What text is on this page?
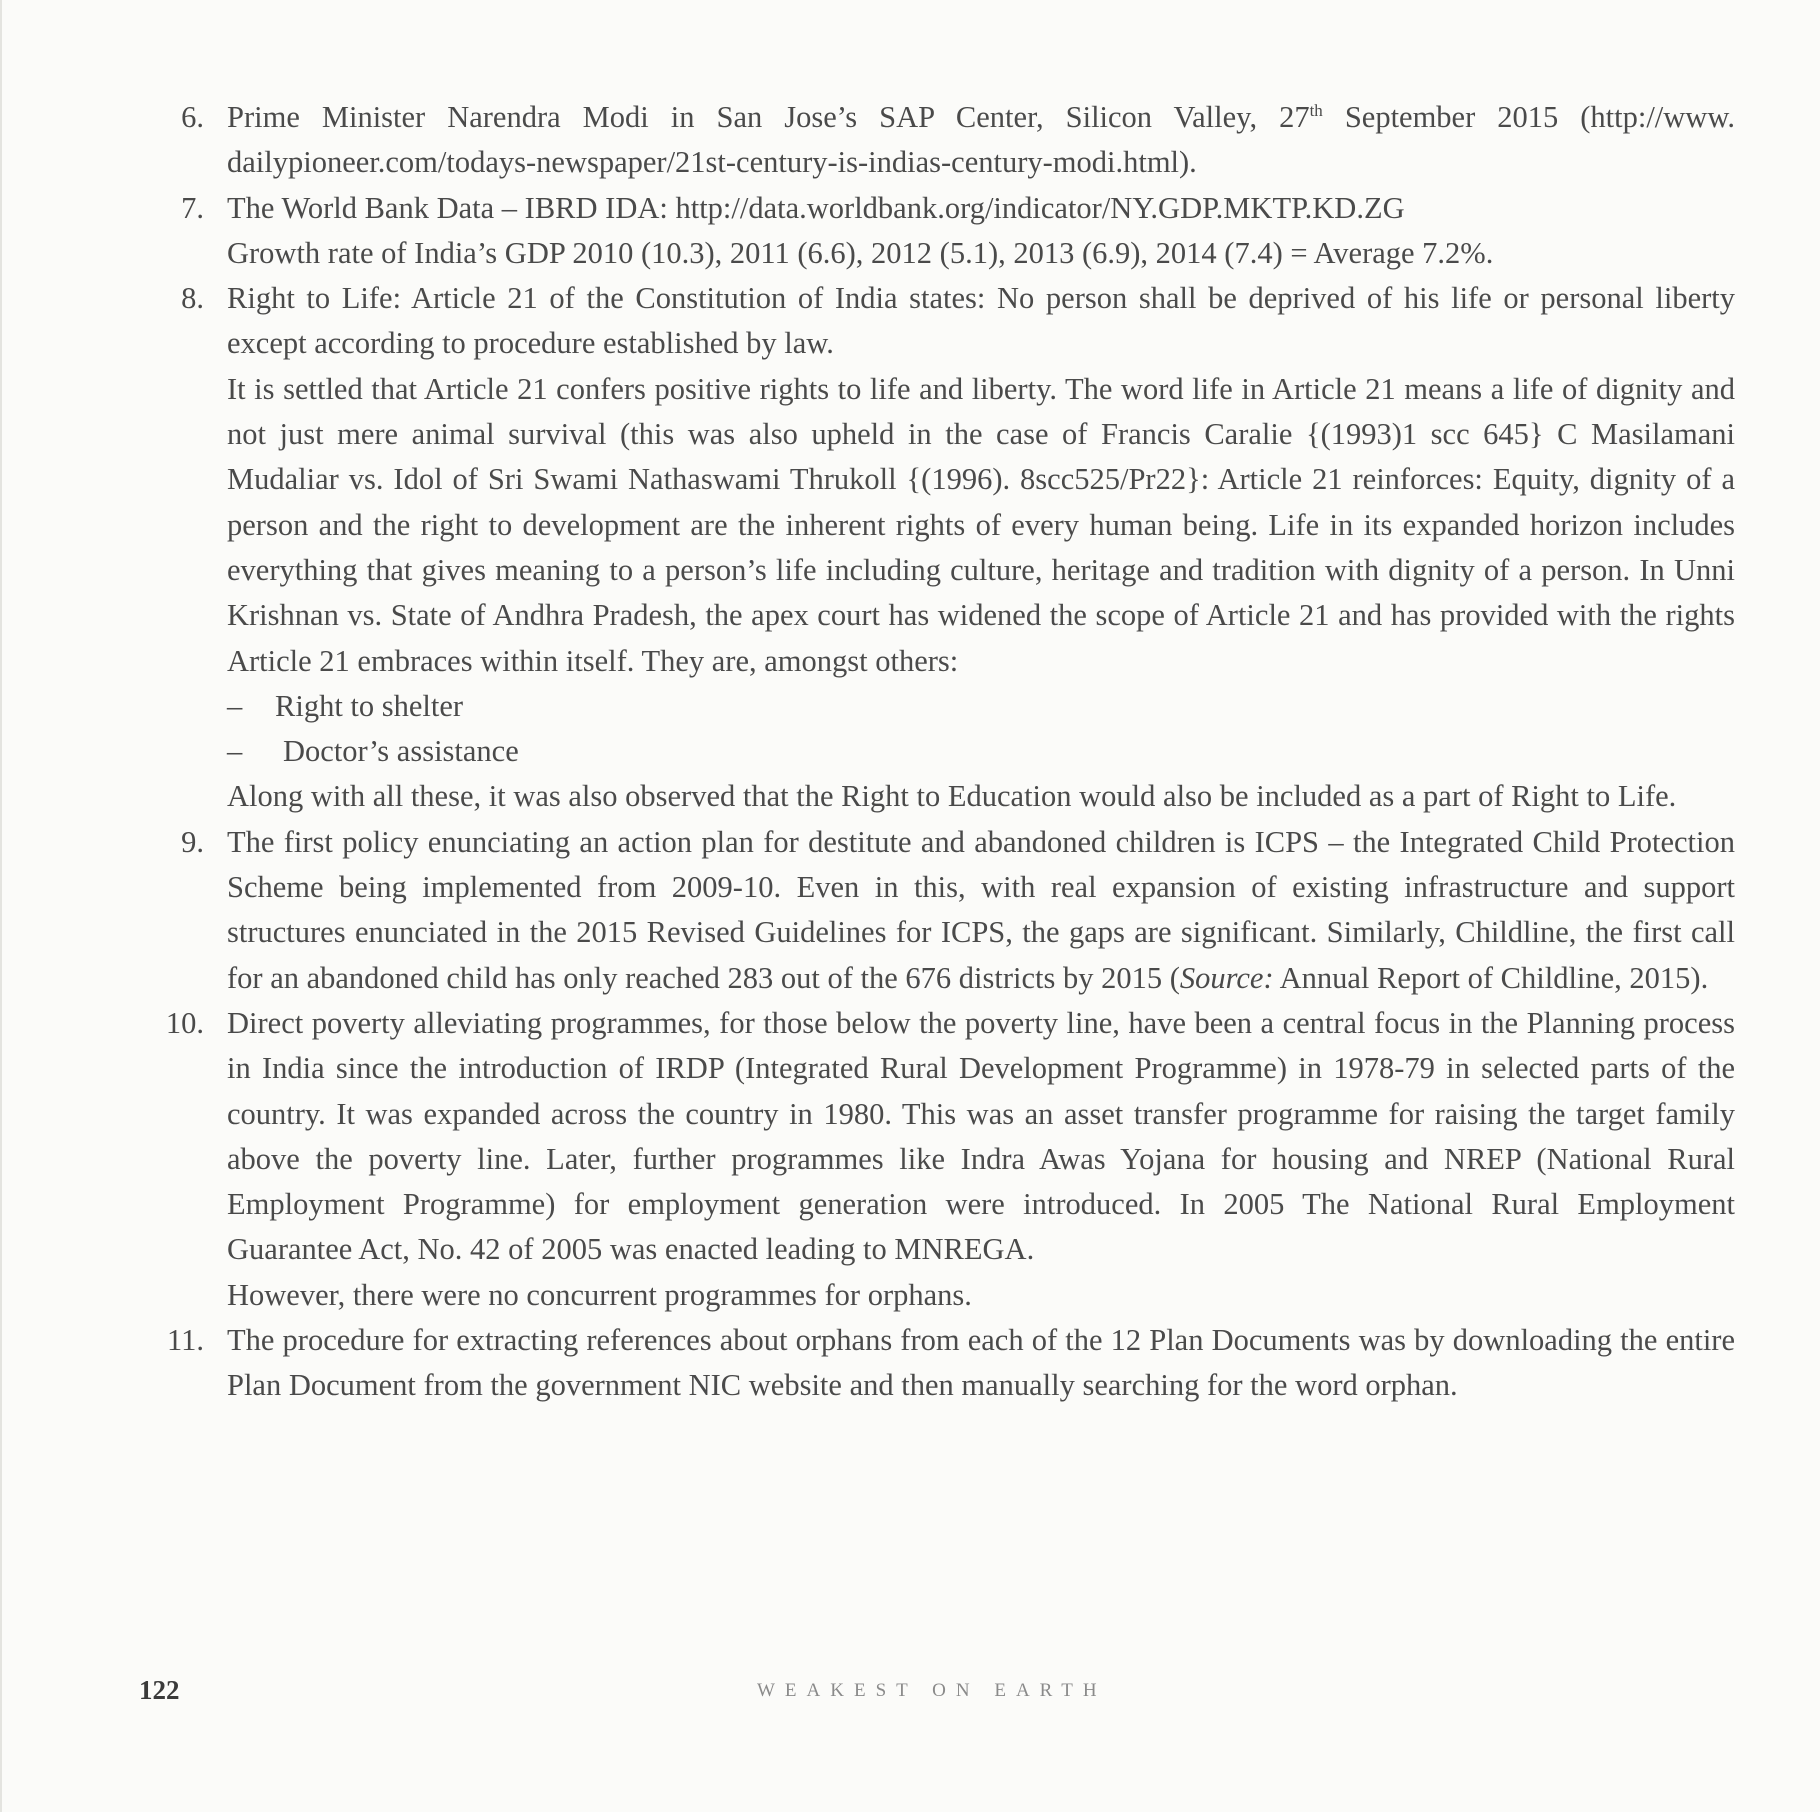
6. Prime Minister Narendra Modi in San Jose’s SAP Center, Silicon Valley, 27th September 2015 (http://www. dailypioneer.com/todays-newspaper/21st-century-is-indias-century-modi.html).

7. The World Bank Data – IBRD IDA: http://data.worldbank.org/indicator/NY.GDP.MKTP.KD.ZG

Growth rate of India’s GDP 2010 (10.3), 2011 (6.6), 2012 (5.1), 2013 (6.9), 2014 (7.4) = Average 7.2%.

8. Right to Life: Article 21 of the Constitution of India states: No person shall be deprived of his life or personal liberty except according to procedure established by law.

It is settled that Article 21 confers positive rights to life and liberty. The word life in Article 21 means a life of dignity and not just mere animal survival (this was also upheld in the case of Francis Caralie {(1993)1 scc 645} C Masilamani Mudaliar vs. Idol of Sri Swami Nathaswami Thrukoll {(1996). 8scc525/Pr22}: Article 21 reinforces: Equity, dignity of a person and the right to development are the inherent rights of every human being. Life in its expanded horizon includes everything that gives meaning to a person’s life including culture, heritage and tradition with dignity of a person. In Unni Krishnan vs. State of Andhra Pradesh, the apex court has widened the scope of Article 21 and has provided with the rights Article 21 embraces within itself. They are, amongst others:

– Right to shelter
– Doctor’s assistance

Along with all these, it was also observed that the Right to Education would also be included as a part of Right to Life.

9. The first policy enunciating an action plan for destitute and abandoned children is ICPS – the Integrated Child Protection Scheme being implemented from 2009-10. Even in this, with real expansion of existing infrastructure and support structures enunciated in the 2015 Revised Guidelines for ICPS, the gaps are significant. Similarly, Childline, the first call for an abandoned child has only reached 283 out of the 676 districts by 2015 (Source: Annual Report of Childline, 2015).

10. Direct poverty alleviating programmes, for those below the poverty line, have been a central focus in the Planning process in India since the introduction of IRDP (Integrated Rural Development Programme) in 1978-79 in selected parts of the country. It was expanded across the country in 1980. This was an asset transfer programme for raising the target family above the poverty line. Later, further programmes like Indra Awas Yojana for housing and NREP (National Rural Employment Programme) for employment generation were introduced. In 2005 The National Rural Employment Guarantee Act, No. 42 of 2005 was enacted leading to MNREGA.

However, there were no concurrent programmes for orphans.

11. The procedure for extracting references about orphans from each of the 12 Plan Documents was by downloading the entire Plan Document from the government NIC website and then manually searching for the word orphan.

122	WEAKEST ON EARTH
